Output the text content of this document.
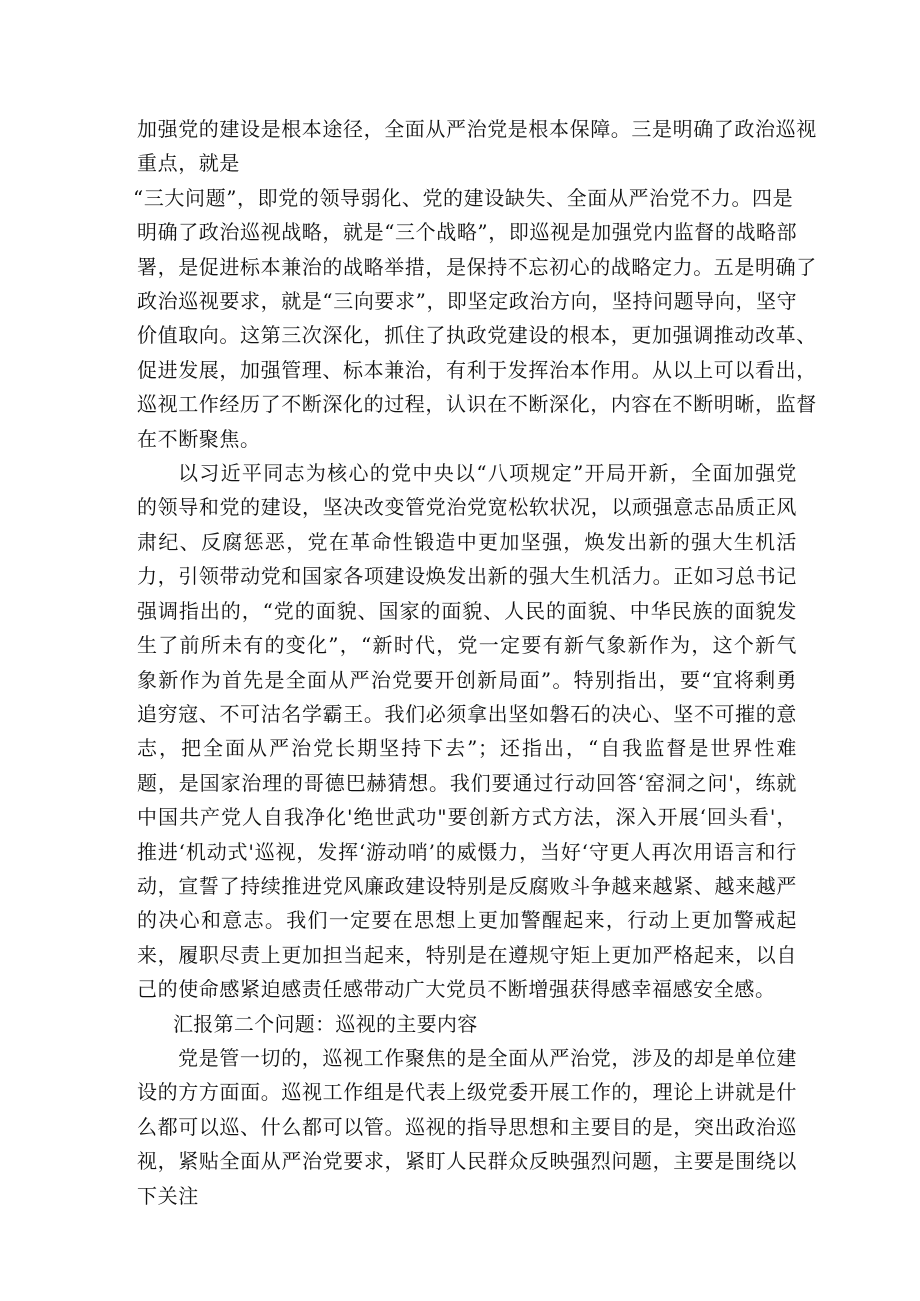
加强党的建设是根本途径，全面从严治党是根本保障。三是明确了政治巡视
重点，就是
“三大问题”，即党的领导弱化、党的建设缺失、全面从严治党不力。四是
明确了政治巡视战略，就是“三个战略”，即巡视是加强党内监督的战略部
署，是促进标本兼治的战略举措，是保持不忘初心的战略定力。五是明确了
政治巡视要求，就是“三向要求”，即坚定政治方向，坚持问题导向，坚守
价值取向。这第三次深化，抓住了执政党建设的根本，更加强调推动改革、
促进发展，加强管理、标本兼治，有利于发挥治本作用。从以上可以看出，
巡视工作经历了不断深化的过程，认识在不断深化，内容在不断明晰，监督
在不断聚焦。

以习近平同志为核心的党中央以“八项规定”开局开新，全面加强党的领导和党的建设，坚决改变管党治党宽松软状况，以顽强意志品质正风肃纪、反腐惩恶，党在革命性锻造中更加坚强，焕发出新的强大生机活力，引领带动党和国家各项建设焕发出新的强大生机活力。正如习总书记强调指出的，“党的面貌、国家的面貌、人民的面貌、中华民族的面貌发生了前所未有的变化”，“新时代，党一定要有新气象新作为，这个新气象新作为首先是全面从严治党要开创新局面”。特别指出，要“宜将剩勇追穷寇、不可沽名学霸王。我们必须拿出坚如磐石的决心、坚不可摧的意志，把全面从严治党长期坚持下去”；还指出，“自我监督是世界性难题，是国家治理的哥德巴赫猜想。我们要通过行动回答‘窑洞之问'，练就中国共产党人自我净化'绝世武功"要创新方式方法，深入开展‘回头看'，推进‘机动式'巡视，发挥‘游动哨’的威慑力，当好‘守更人再次用语言和行动，宣誓了持续推进党风廉政建设特别是反腐败斗争越来越紧、越来越严的决心和意志。我们一定要在思想上更加警醒起来，行动上更加警戒起来，履职尽责上更加担当起来，特别是在遵规守矩上更加严格起来，以自己的使命感紧迫感责任感带动广大党员不断增强获得感幸福感安全感。

汇报第二个问题：巡视的主要内容

党是管一切的，巡视工作聚焦的是全面从严治党，涉及的却是单位建设的方方面面。巡视工作组是代表上级党委开展工作的，理论上讲就是什么都可以巡、什么都可以管。巡视的指导思想和主要目的是，突出政治巡视，紧贴全面从严治党要求，紧盯人民群众反映强烈问题，主要是围绕以下关注
